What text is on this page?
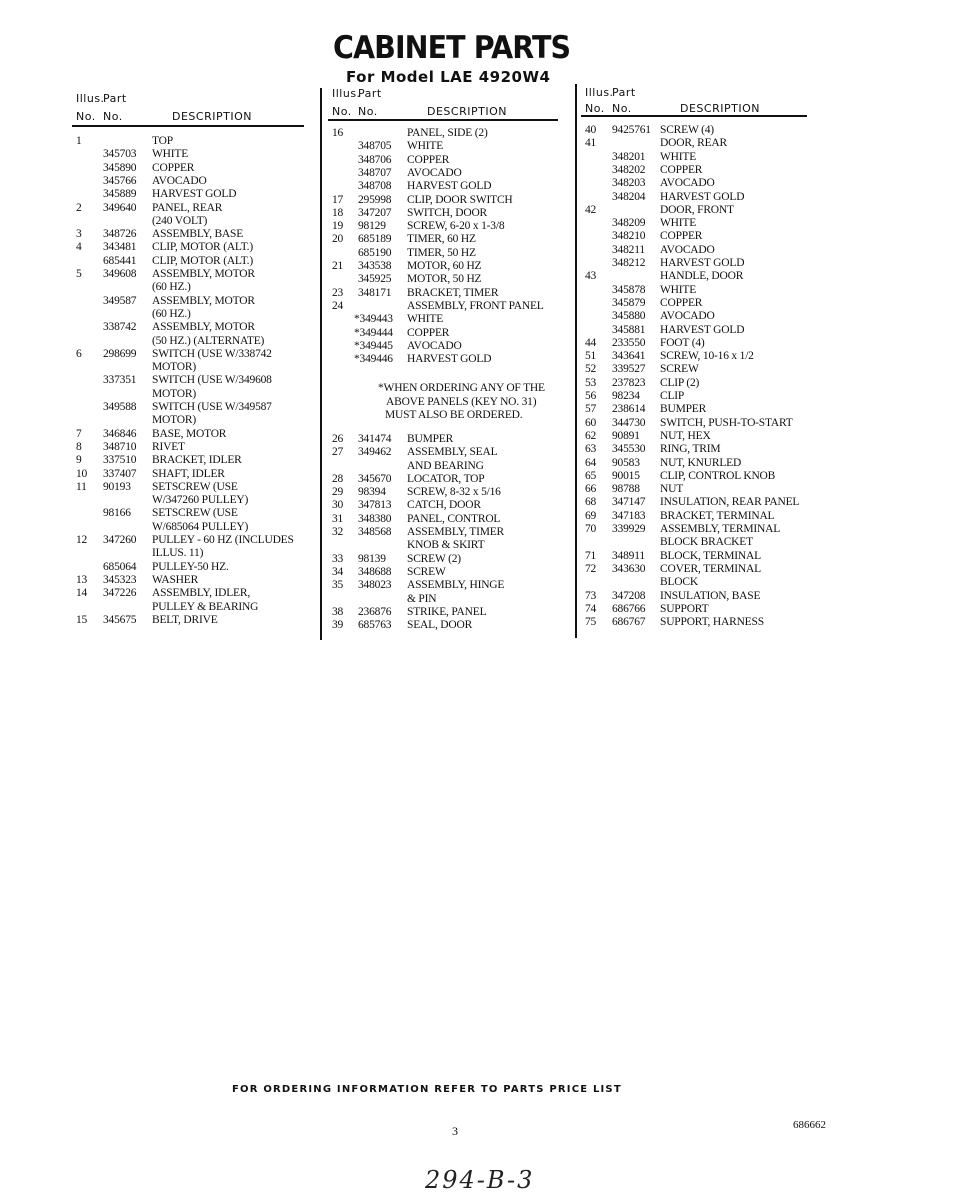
CABINET PARTS
For Model LAE 4920W4
Illus.
Part
No. No.	DESCRIPTION
1	TOP
345703 WHITE
345890 COPPER
345766 AVOCADO
345889 HARVEST GOLD
2 349640 PANEL, REAR
(240 VOLT)
3 348726 ASSEMBLY, BASE
4 343481 CLIP, MOTOR (ALT.)
685441 CLIP, MOTOR (ALT.)
5 349608 ASSEMBLY, MOTOR
(60 HZ.)
349587 ASSEMBLY, MOTOR
(60 HZ.)
338742 ASSEMBLY, MOTOR
(50 HZ.) (ALTERNATE)
6 298699 SWITCH (USE W/338742
MOTOR)
337351 SWITCH (USE W/349608
MOTOR)
349588 SWITCH (USE W/349587
MOTOR)
7 346846 BASE, MOTOR
8 348710 RIVET
9 337510 BRACKET, IDLER
10 337407 SHAFT, IDLER
11 90193 SETSCREW (USE
W/347260 PULLEY)
98166 SETSCREW (USE
W/685064 PULLEY)
12 347260 PULLEY - 60 HZ (INCLUDES
ILLUS. 11)
685064 PULLEY-50 HZ.
13 345323 WASHER
14 347226 ASSEMBLY, IDLER,
PULLEY & BEARING
15 345675 BELT, DRIVE
Illus.
Part
No. No.	DESCRIPTION
16	PANEL, SIDE (2)
348705 WHITE
348706 COPPER
348707 AVOCADO
348708 HARVEST GOLD
17 295998 CLIP, DOOR SWITCH
18 347207 SWITCH, DOOR
19 98129 SCREW, 6-20 x 1-3/8
20 685189 TIMER, 60 HZ
685190 TIMER, 50 HZ
21 343538 MOTOR, 60 HZ
345925 MOTOR, 50 HZ
23 348171 BRACKET, TIMER
24	ASSEMBLY, FRONT PANEL
*349443 WHITE
*349444 COPPER
*349445 AVOCADO
*349446 HARVEST GOLD
26 341474 BUMPER
27 349462 ASSEMBLY, SEAL
AND BEARING
28 345670 LOCATOR, TOP
29 98394 SCREW, 8-32 x 5/16
30 347813 CATCH, DOOR
31 348380 PANEL, CONTROL
32 348568 ASSEMBLY, TIMER
KNOB & SKIRT
33 98139 SCREW (2)
34 348688 SCREW
35 348023 ASSEMBLY, HINGE
& PIN
38 236876 STRIKE, PANEL
39 685763 SEAL, DOOR
*WHEN ORDERING ANY OF THE
ABOVE PANELS (KEY NO. 31)
MUST ALSO BE ORDERED.
Illus.
Part
No. No.	DESCRIPTION
40 9425761 SCREW (4)
41	DOOR, REAR
348201 WHITE
348202 COPPER
348203 AVOCADO
348204 HARVEST GOLD
42	DOOR, FRONT
348209 WHITE
348210 COPPER
348211 AVOCADO
348212 HARVEST GOLD
43	HANDLE, DOOR
345878 WHITE
345879 COPPER
345880 AVOCADO
345881 HARVEST GOLD
44 233550 FOOT (4)
51 343641 SCREW, 10-16 x 1/2
52 339527 SCREW
53 237823 CLIP (2)
56 98234 CLIP
57 238614 BUMPER
60 344730 SWITCH, PUSH-TO-START
62 90891 NUT, HEX
63 345530 RING, TRIM
64 90583 NUT, KNURLED
65 90015 CLIP, CONTROL KNOB
66 98788 NUT
68 347147 INSULATION, REAR PANEL
69 347183 BRACKET, TERMINAL
70 339929 ASSEMBLY, TERMINAL
BLOCK BRACKET
71 348911 BLOCK, TERMINAL
72 343630 COVER, TERMINAL
BLOCK
73 347208 INSULATION, BASE
74 686766 SUPPORT
75 686767 SUPPORT, HARNESS
FOR ORDERING INFORMATION REFER TO PARTS PRICE LIST
3	686662
294-B-3
